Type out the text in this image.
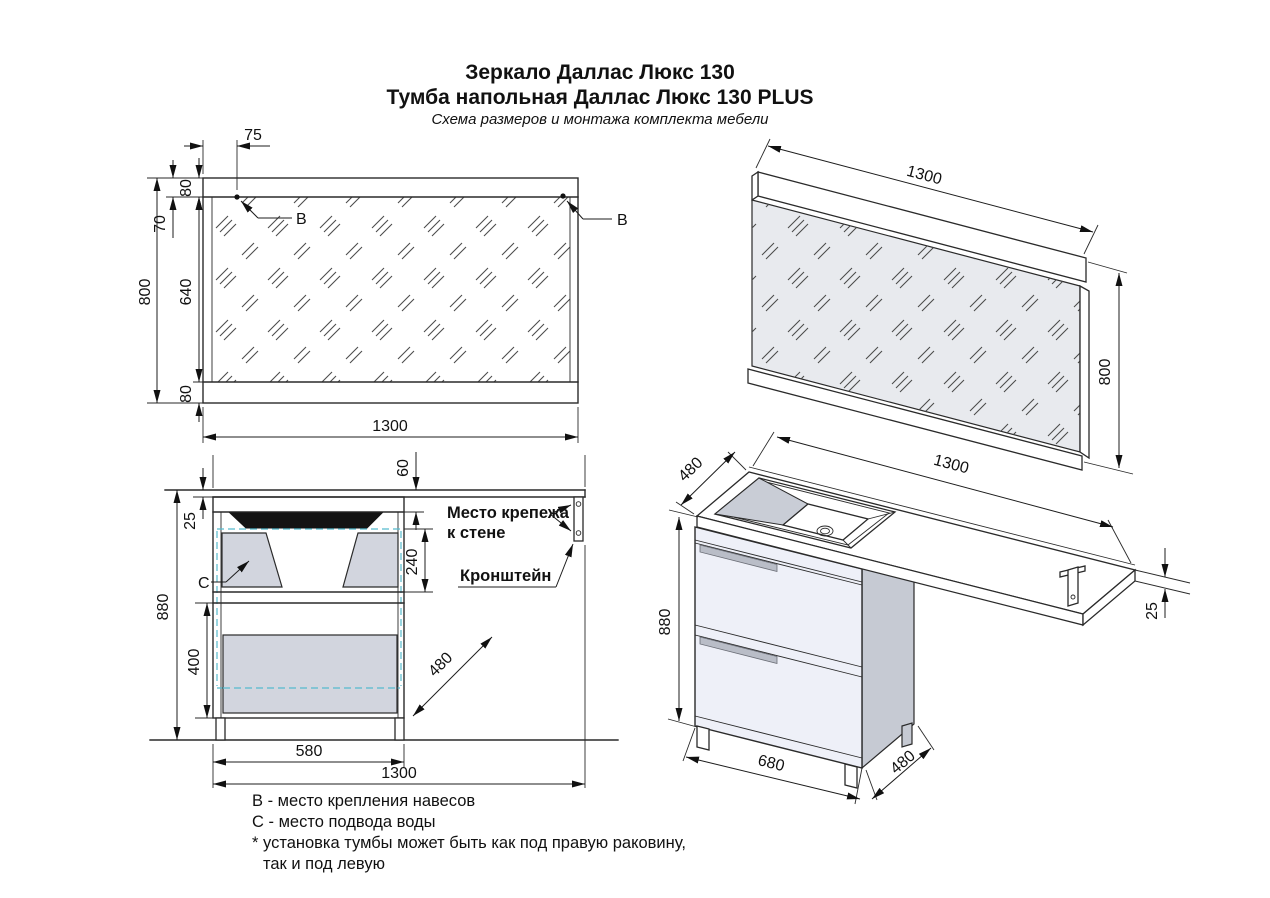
Зеркало Даллас Люкс 130
Тумба напольная Даллас Люкс 130 PLUS
Схема размеров и монтажа комплекта мебели
В	В
75
800
70
80
640
80
1300
1300
800
Место крепежа
к стене
Кронштейн
С
60
25
240
880
400	480
580
1300
480	1300
25
880
680	480
В - место крепления навесов
С - место подвода воды
* установка тумбы может быть как под правую раковину,
так и под левую
